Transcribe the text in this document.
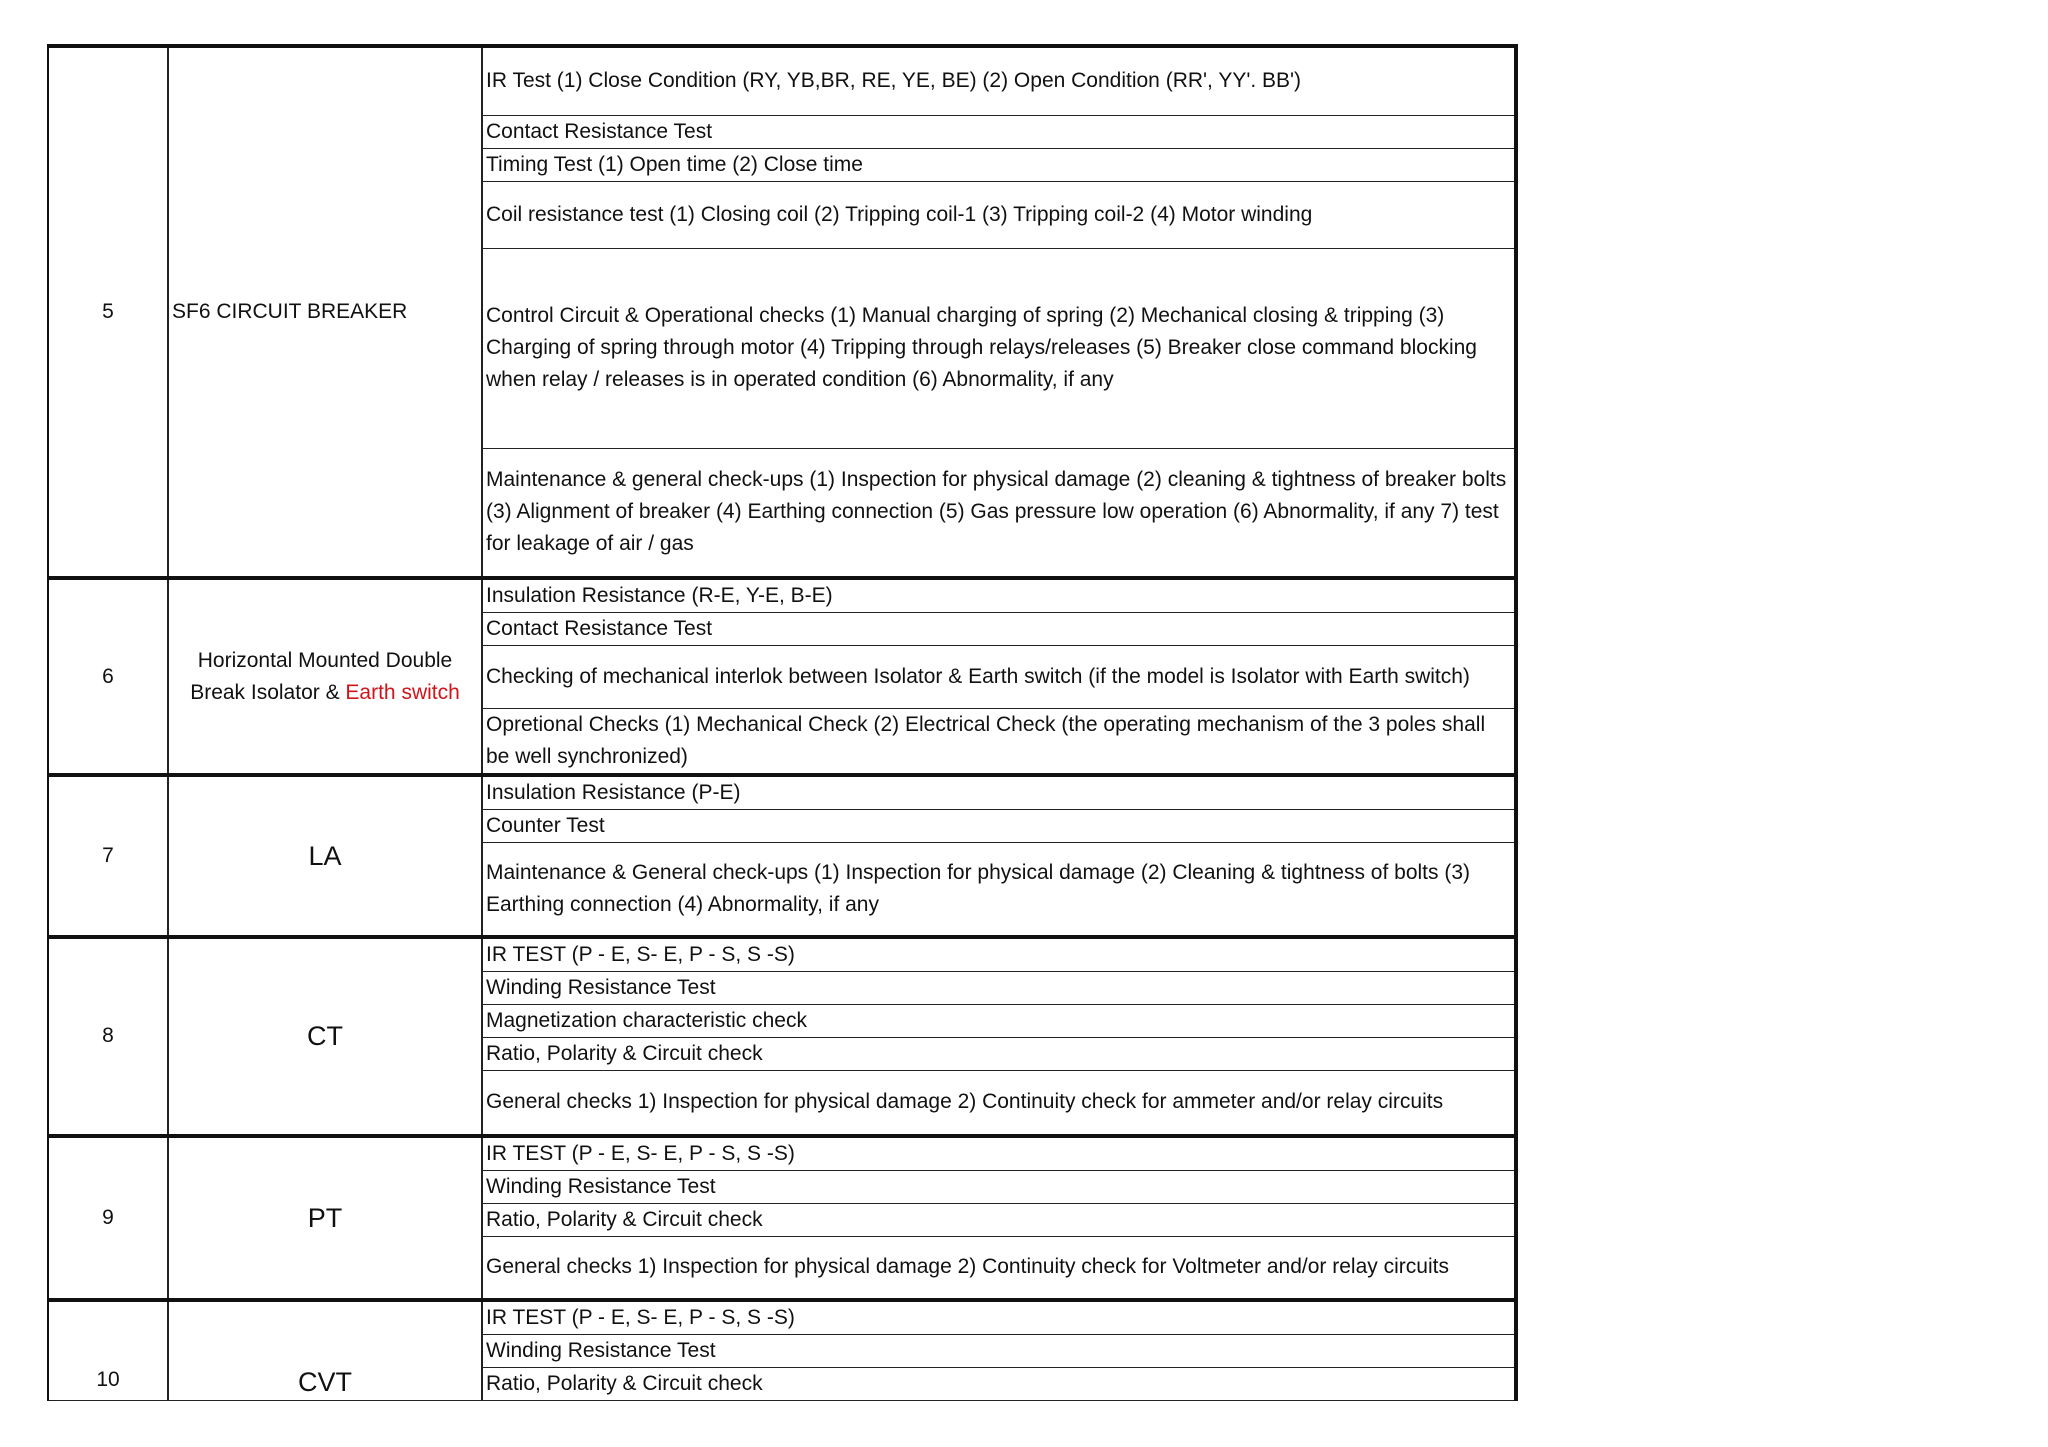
5	SF6 CIRCUIT BREAKER	IR Test (1) Close Condition (RY, YB,BR, RE, YE, BE) (2) Open Condition (RR', YY'. BB')
		Contact Resistance Test
		Timing Test (1) Open time (2) Close time
		Coil resistance test (1) Closing coil (2) Tripping coil-1 (3) Tripping coil-2 (4) Motor winding
		Control Circuit & Operational checks (1) Manual charging of spring (2) Mechanical closing & tripping (3) Charging of spring through motor (4) Tripping through relays/releases (5) Breaker close command blocking when relay / releases is in operated condition (6) Abnormality, if any
		Maintenance & general check-ups (1) Inspection for physical damage (2) cleaning & tightness of breaker bolts (3) Alignment of breaker (4) Earthing connection (5) Gas pressure low operation (6) Abnormality, if any 7) test for leakage of air / gas
6	Horizontal Mounted Double Break Isolator & Earth switch	Insulation Resistance (R-E, Y-E, B-E)
		Contact Resistance Test
		Checking of mechanical interlok between Isolator & Earth switch (if the model is Isolator with Earth switch)
		Opretional Checks (1) Mechanical Check (2) Electrical Check (the operating mechanism of the 3 poles shall be well synchronized)
7	LA	Insulation Resistance (P-E)
		Counter Test
		Maintenance & General check-ups (1) Inspection for physical damage (2) Cleaning & tightness of bolts (3) Earthing connection (4) Abnormality, if any
8	CT	IR TEST (P - E, S- E, P - S, S -S)
		Winding Resistance Test
		Magnetization characteristic check
		Ratio, Polarity & Circuit check
		General checks 1) Inspection for physical damage 2) Continuity check for ammeter and/or relay circuits
9	PT	IR TEST (P - E, S- E, P - S, S -S)
		Winding Resistance Test
		Ratio, Polarity & Circuit check
		General checks 1) Inspection for physical damage 2) Continuity check for Voltmeter and/or relay circuits
10	CVT	IR TEST (P - E, S- E, P - S, S -S)
		Winding Resistance Test
		Ratio, Polarity & Circuit check
